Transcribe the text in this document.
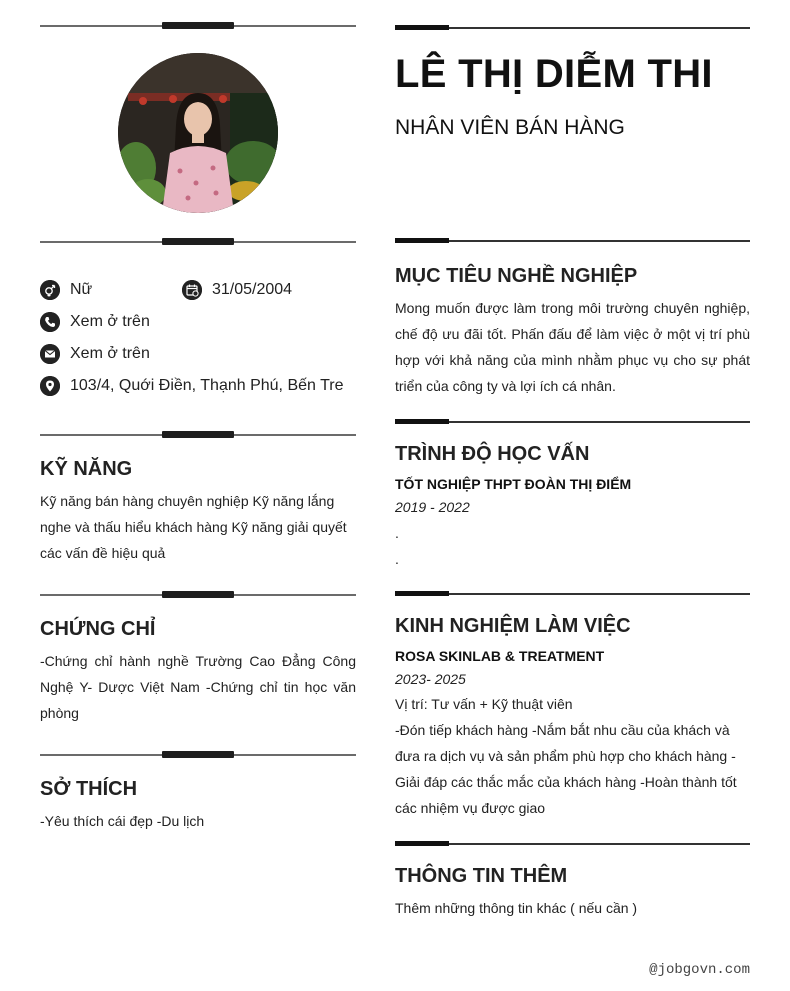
LÊ THỊ DIỄM THI
NHÂN VIÊN BÁN HÀNG
Nữ	31/05/2004
Xem ở trên
Xem ở trên
103/4, Quới Điền, Thạnh Phú, Bến Tre
KỸ NĂNG
Kỹ năng bán hàng chuyên nghiệp Kỹ năng lắng nghe và thấu hiểu khách hàng Kỹ năng giải quyết các vấn đề hiệu quả
CHỨNG CHỈ
-Chứng chỉ hành nghề Trường Cao Đẳng Công Nghệ Y- Dược Việt Nam -Chứng chỉ tin học văn phòng
SỞ THÍCH
-Yêu thích cái đẹp -Du lịch
MỤC TIÊU NGHỀ NGHIỆP
Mong muốn được làm trong môi trường chuyên nghiệp, chế độ ưu đãi tốt. Phấn đấu để làm việc ở một vị trí phù hợp với khả năng của mình nhằm phục vụ cho sự phát triển của công ty và lợi ích cá nhân.
TRÌNH ĐỘ HỌC VẤN
TỐT NGHIỆP THPT ĐOÀN THỊ ĐIỂM
2019 - 2022
.
.
KINH NGHIỆM LÀM VIỆC
ROSA SKINLAB & TREATMENT
2023- 2025
Vị trí: Tư vấn + Kỹ thuật viên
-Đón tiếp khách hàng -Nắm bắt nhu cầu của khách và đưa ra dịch vụ và sản phẩm phù hợp cho khách hàng -Giải đáp các thắc mắc của khách hàng -Hoàn thành tốt các nhiệm vụ được giao
THÔNG TIN THÊM
Thêm những thông tin khác ( nếu cần )
@jobgovn.com
